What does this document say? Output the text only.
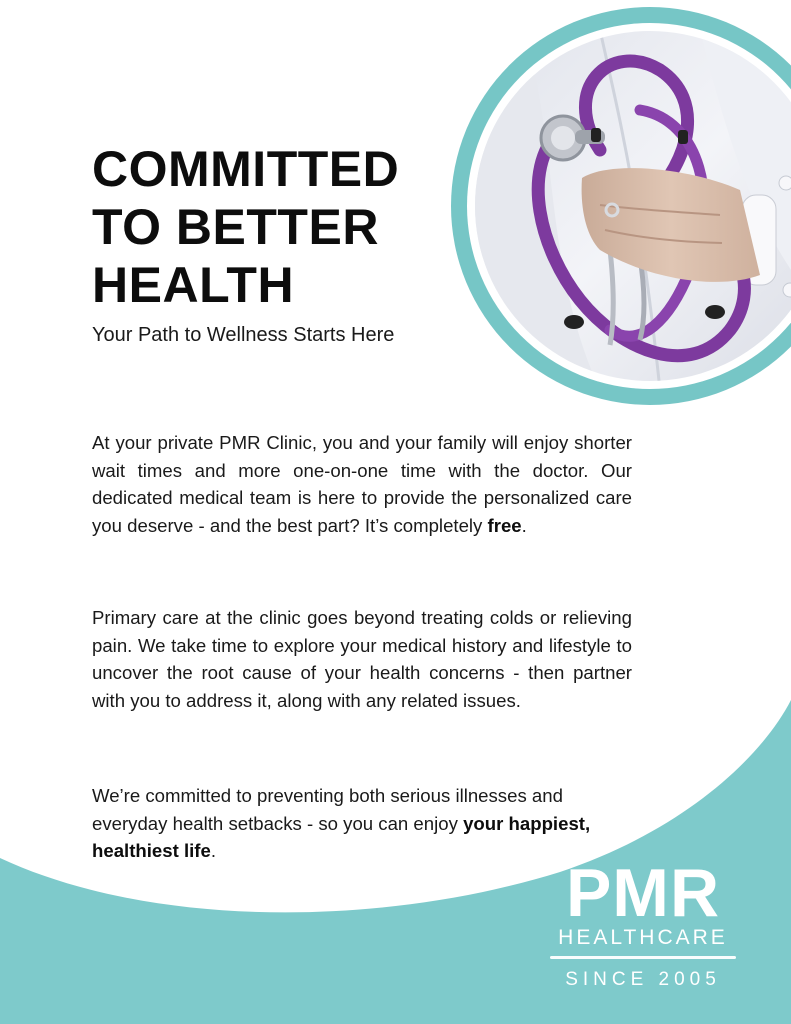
COMMITTED
TO BETTER
HEALTH

Your Path to Wellness Starts Here

At your private PMR Clinic, you and your family will enjoy shorter wait times and more one-on-one time with the doctor. Our dedicated medical team is here to provide the personalized care you deserve - and the best part? It’s completely free.

Primary care at the clinic goes beyond treating colds or relieving pain. We take time to explore your medical history and lifestyle to uncover the root cause of your health concerns - then partner with you to address it, along with any related issues.

We’re committed to preventing both serious illnesses and everyday health setbacks - so you can enjoy your happiest, healthiest life.

PMR

HEALTHCARE

SINCE 2005
